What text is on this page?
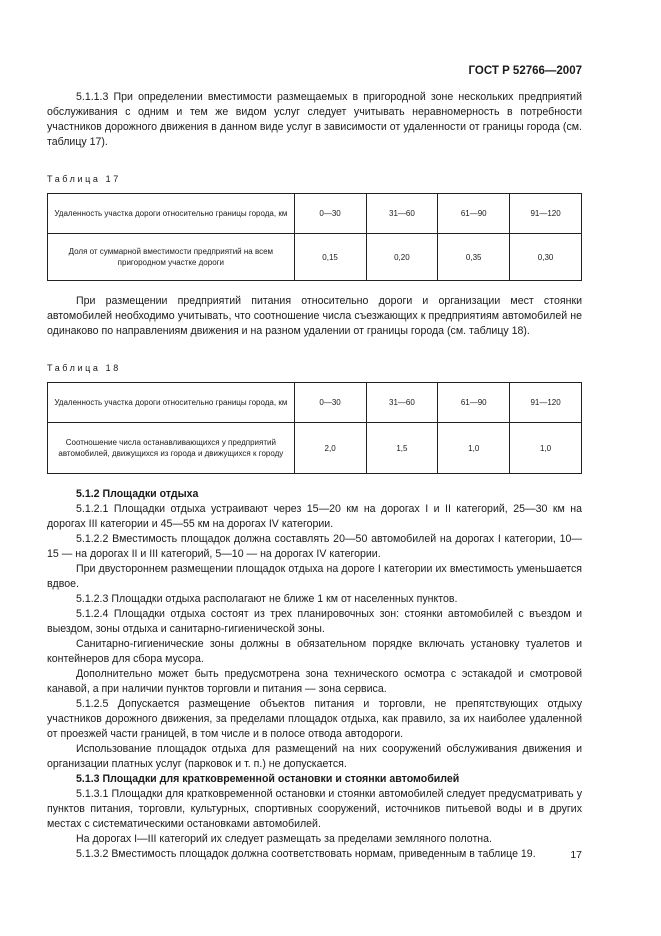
ГОСТ Р 52766—2007

5.1.1.3 При определении вместимости размещаемых в пригородной зоне нескольких предприятий обслуживания с одним и тем же видом услуг следует учитывать неравномерность в потребности участников дорожного движения в данном виде услуг в зависимости от удаленности от границы города (см. таблицу 17).

Таблица 17
Удаленность участка дороги относительно границы города, км	0—30	31—60	61—90	91—120
Доля от суммарной вместимости предприятий на всем пригородном участке дороги	0,15	0,20	0,35	0,30

При размещении предприятий питания относительно дороги и организации мест стоянки автомобилей необходимо учитывать, что соотношение числа съезжающих к предприятиям автомобилей не одинаково по направлениям движения и на разном удалении от границы города (см. таблицу 18).

Таблица 18
Удаленность участка дороги относительно границы города, км	0—30	31—60	61—90	91—120
Соотношение числа останавливающихся у предприятий автомобилей, движущихся из города и движущихся к городу	2,0	1,5	1,0	1,0

5.1.2 Площадки отдыха

5.1.2.1 Площадки отдыха устраивают через 15—20 км на дорогах I и II категорий, 25—30 км на дорогах III категории и 45—55 км на дорогах IV категории.

5.1.2.2 Вместимость площадок должна составлять 20—50 автомобилей на дорогах I категории, 10—15 — на дорогах II и III категорий, 5—10 — на дорогах IV категории.

При двустороннем размещении площадок отдыха на дороге I категории их вместимость уменьшается вдвое.

5.1.2.3 Площадки отдыха располагают не ближе 1 км от населенных пунктов.

5.1.2.4 Площадки отдыха состоят из трех планировочных зон: стоянки автомобилей с въездом и выездом, зоны отдыха и санитарно-гигиенической зоны.

Санитарно-гигиенические зоны должны в обязательном порядке включать установку туалетов и контейнеров для сбора мусора.

Дополнительно может быть предусмотрена зона технического осмотра с эстакадой и смотровой канавой, а при наличии пунктов торговли и питания — зона сервиса.

5.1.2.5 Допускается размещение объектов питания и торговли, не препятствующих отдыху участников дорожного движения, за пределами площадок отдыха, как правило, за их наиболее удаленной от проезжей части границей, в том числе и в полосе отвода автодороги.

Использование площадок отдыха для размещений на них сооружений обслуживания движения и организации платных услуг (парковок и т. п.) не допускается.

5.1.3 Площадки для кратковременной остановки и стоянки автомобилей

5.1.3.1 Площадки для кратковременной остановки и стоянки автомобилей следует предусматривать у пунктов питания, торговли, культурных, спортивных сооружений, источников питьевой воды и в других местах с систематическими остановками автомобилей.

На дорогах I—III категорий их следует размещать за пределами земляного полотна.

5.1.3.2 Вместимость площадок должна соответствовать нормам, приведенным в таблице 19.	17
